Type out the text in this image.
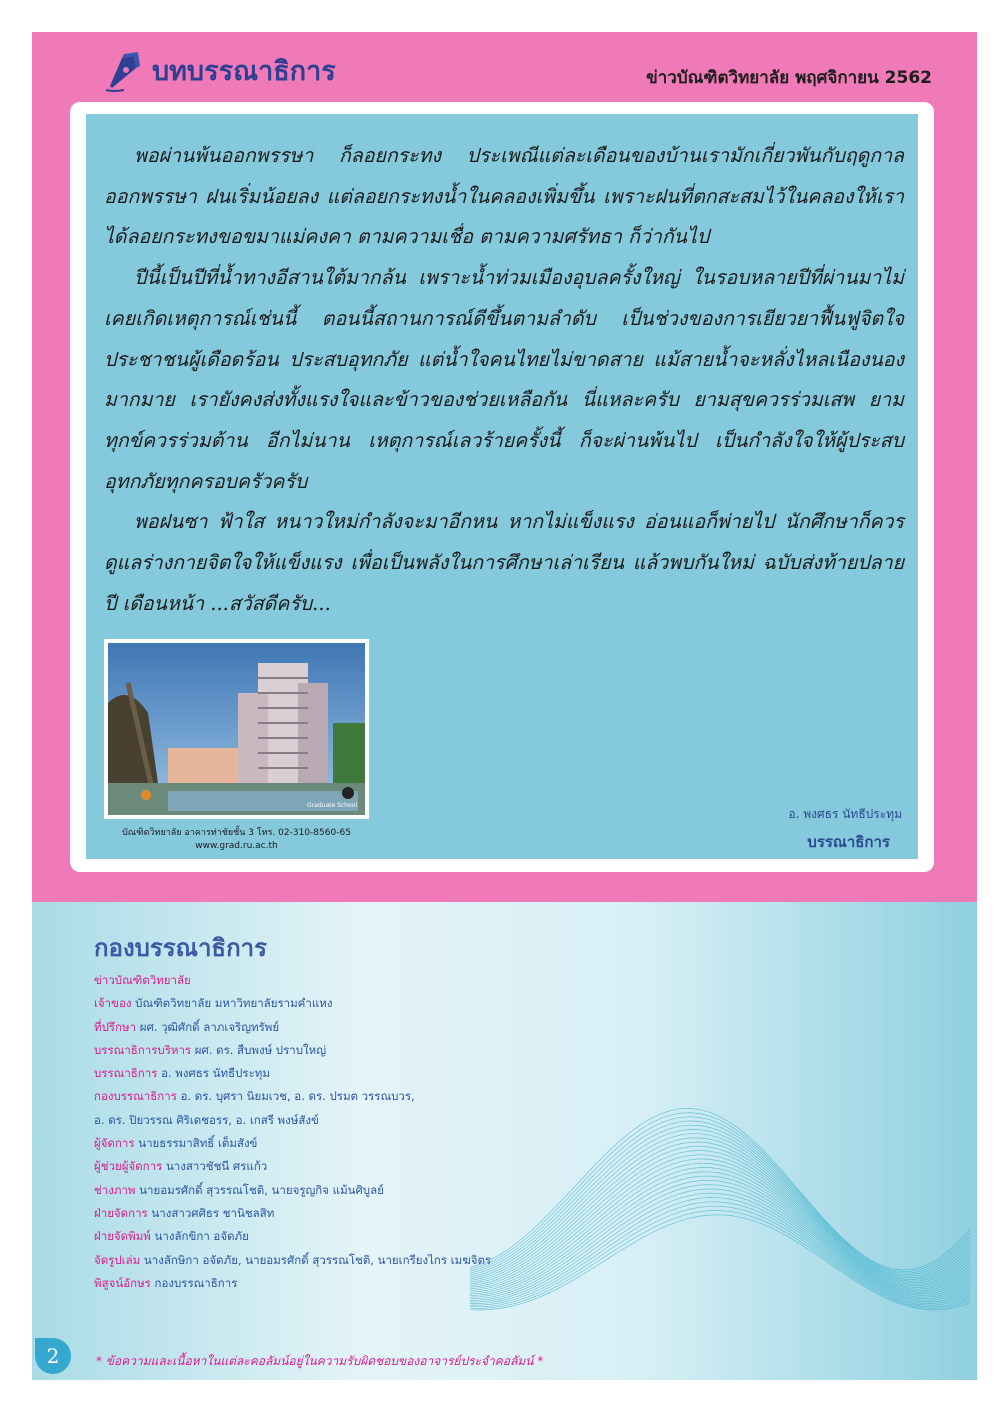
บทบรรณาธิการ	ข่าวบัณฑิตวิทยาลัย พฤศจิกายน 2562

พอผ่านพ้นออกพรรษา ก็ลอยกระทง ประเพณีแต่ละเดือนของบ้านเรามักเกี่ยวพันกับฤดูกาล ออกพรรษา ฝนเริ่มน้อยลง แต่ลอยกระทงน้ำในคลองเพิ่มขึ้น เพราะฝนที่ตกสะสมไว้ในคลองให้เราได้ลอยกระทงขอขมาแม่คงคา ตามความเชื่อ ตามความศรัทธา ก็ว่ากันไป

ปีนี้เป็นปีที่น้ำทางอีสานใต้มากล้น เพราะน้ำท่วมเมืองอุบลครั้งใหญ่ ในรอบหลายปีที่ผ่านมาไม่เคยเกิดเหตุการณ์เช่นนี้ ตอนนี้สถานการณ์ดีขึ้นตามลำดับ เป็นช่วงของการเยียวยาฟื้นฟูจิตใจประชาชนผู้เดือดร้อน ประสบอุทกภัย แต่น้ำใจคนไทยไม่ขาดสาย แม้สายน้ำจะหลั่งไหลเนืองนองมากมาย เรายังคงส่งทั้งแรงใจและข้าวของช่วยเหลือกัน นี่แหละครับ ยามสุขควรร่วมเสพ ยามทุกข์ควรร่วมต้าน อีกไม่นาน เหตุการณ์เลวร้ายครั้งนี้ ก็จะผ่านพ้นไป เป็นกำลังใจให้ผู้ประสบอุทกภัยทุกครอบครัวครับ

พอฝนซา ฟ้าใส หนาวใหม่กำลังจะมาอีกหน หากไม่แข็งแรง อ่อนแอก็พ่ายไป นักศึกษาก็ควรดูแลร่างกายจิตใจให้แข็งแรง เพื่อเป็นพลังในการศึกษาเล่าเรียน แล้วพบกันใหม่ ฉบับส่งท้ายปลายปี เดือนหน้า ...สวัสดีครับ...

Graduate School
บัณฑิตวิทยาลัย อาคารท่าชัยชั้น 3 โทร. 02-310-8560-65
www.grad.ru.ac.th
อ. พงศธร นัทธีประทุม
บรรณาธิการ
กองบรรณาธิการ
ข่าวบัณฑิตวิทยาลัย
เจ้าของ บัณฑิตวิทยาลัย มหาวิทยาลัยรามคำแหง
ที่ปรึกษา ผศ. วุฒิศักดิ์ ลาภเจริญทรัพย์
บรรณาธิการบริหาร ผศ. ดร. สืบพงษ์ ปราบใหญ่
บรรณาธิการ อ. พงศธร นัทธีประทุม
กองบรรณาธิการ อ. ดร. บุศรา นิยมเวช, อ. ดร. ปรมต วรรณบวร,
อ. ดร. ปิยวรรณ ศิริเดชอรร, อ. เกสรี พงษ์สังข์
ผู้จัดการ นายธรรมาสิทธิ์ เต็มสังข์
ผู้ช่วยผู้จัดการ นางสาวชัชนี ศรแก้ว
ช่างภาพ นายอมรศักดิ์ สุวรรณโชติ, นายจรูญกิจ แม้นศิบูลย์
ฝ่ายจัดการ นางสาวศศิธร ชานิชลสิท
ฝ่ายจัดพิมพ์ นางลักขิกา อจัดภัย
จัดรูปเล่ม นางลักษิกา อจัดภัย, นายอมรศักดิ์ สุวรรณโชติ, นายเกรียงไกร เมฆจิตร
พิสูจน์อักษร กองบรรณาธิการ
2	* ข้อความและเนื้อหาในแต่ละคอลัมน์อยู่ในความรับผิดชอบของอาจารย์ประจำคอลัมน์ *
